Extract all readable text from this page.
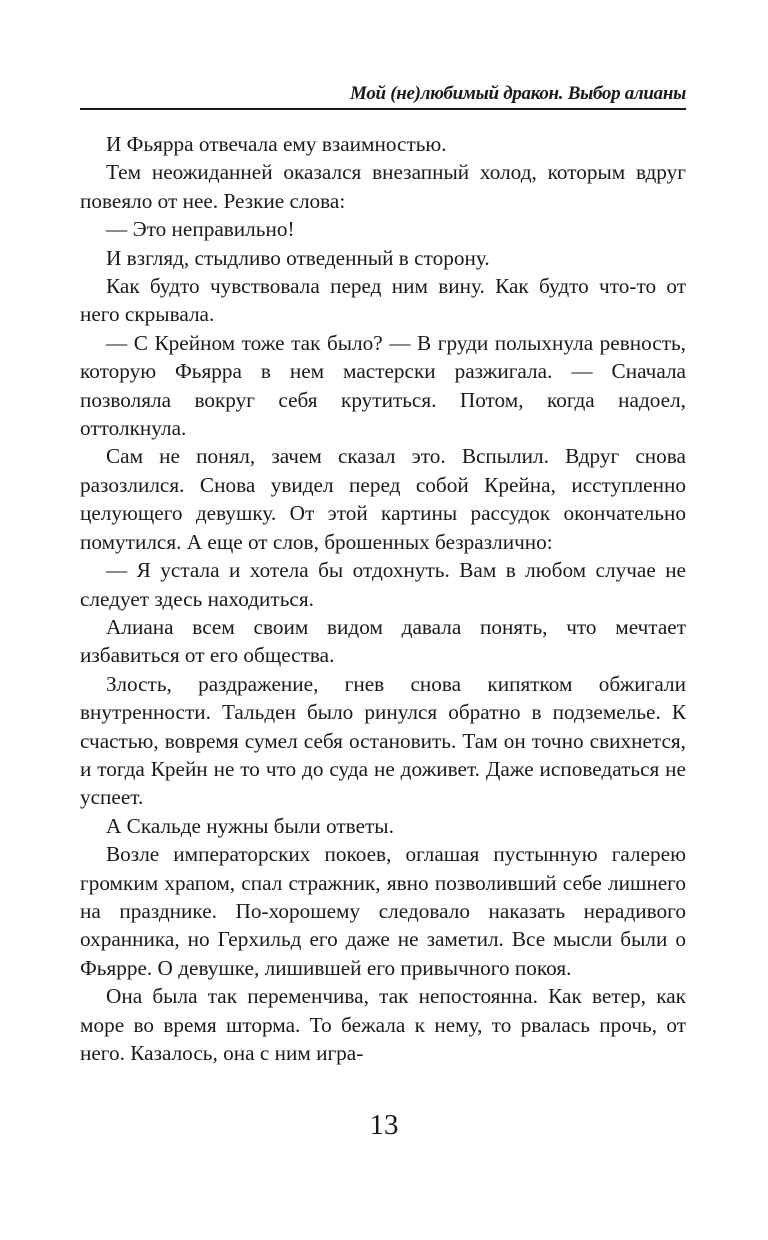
Мой (не)любимый дракон. Выбор алианы

И Фьярра отвечала ему взаимностью.

Тем неожиданней оказался внезапный холод, которым вдруг повеяло от нее. Резкие слова:

— Это неправильно!

И взгляд, стыдливо отведенный в сторону.

Как будто чувствовала перед ним вину. Как будто что-то от него скрывала.

— С Крейном тоже так было? — В груди полыхнула ревность, которую Фьярра в нем мастерски разжигала. — Сначала позволяла вокруг себя крутиться. Потом, когда надоел, оттолкнула.

Сам не понял, зачем сказал это. Вспылил. Вдруг снова разозлился. Снова увидел перед собой Крейна, исступленно целующего девушку. От этой картины рассудок окончательно помутился. А еще от слов, брошенных безразлично:

— Я устала и хотела бы отдохнуть. Вам в любом случае не следует здесь находиться.

Алиана всем своим видом давала понять, что мечтает избавиться от его общества.

Злость, раздражение, гнев снова кипятком обжигали внутренности. Тальден было ринулся обратно в подземелье. К счастью, вовремя сумел себя остановить. Там он точно свихнется, и тогда Крейн не то что до суда не доживет. Даже исповедаться не успеет.

А Скальде нужны были ответы.

Возле императорских покоев, оглашая пустынную галерею громким храпом, спал стражник, явно позволивший себе лишнего на празднике. По-хорошему следовало наказать нерадивого охранника, но Герхильд его даже не заметил. Все мысли были о Фьярре. О девушке, лишившей его привычного покоя.

Она была так переменчива, так непостоянна. Как ветер, как море во время шторма. То бежала к нему, то рвалась прочь, от него. Казалось, она с ним игра-

13
